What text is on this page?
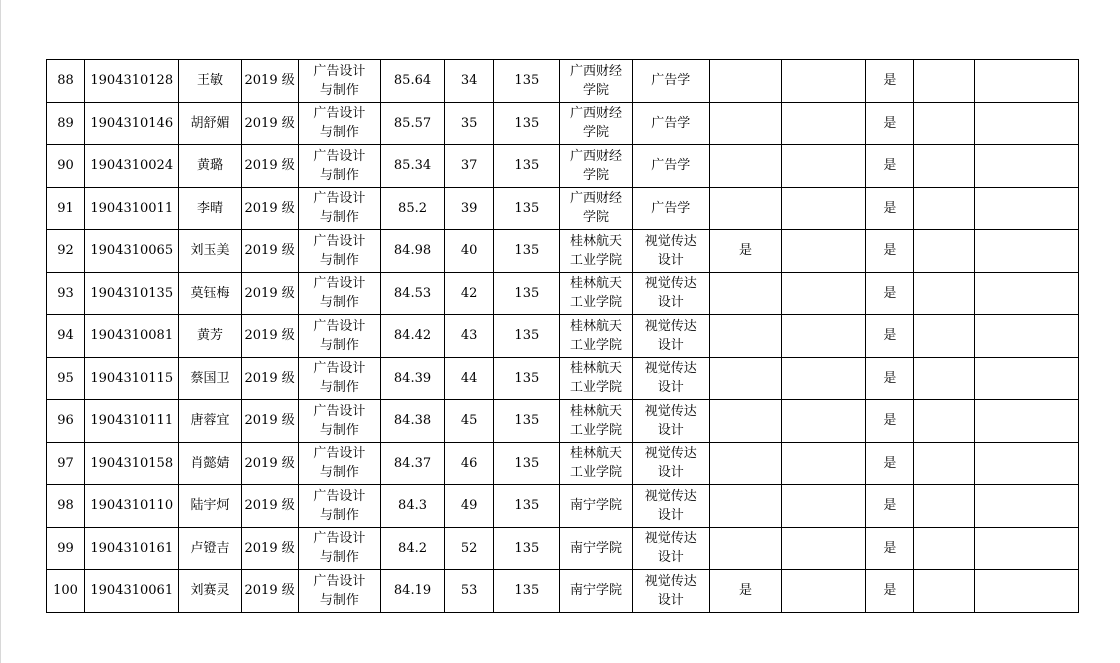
88	1904310128	王敏	2019 级	广告设计
与制作	85.64	34	135	广西财经
学院	广告学			是		
89	1904310146	胡舒媚	2019 级	广告设计
与制作	85.57	35	135	广西财经
学院	广告学			是		
90	1904310024	黄璐	2019 级	广告设计
与制作	85.34	37	135	广西财经
学院	广告学			是		
91	1904310011	李晴	2019 级	广告设计
与制作	85.2	39	135	广西财经
学院	广告学			是		
92	1904310065	刘玉美	2019 级	广告设计
与制作	84.98	40	135	桂林航天
工业学院	视觉传达
设计	是		是		
93	1904310135	莫钰梅	2019 级	广告设计
与制作	84.53	42	135	桂林航天
工业学院	视觉传达
设计			是		
94	1904310081	黄芳	2019 级	广告设计
与制作	84.42	43	135	桂林航天
工业学院	视觉传达
设计			是		
95	1904310115	蔡国卫	2019 级	广告设计
与制作	84.39	44	135	桂林航天
工业学院	视觉传达
设计			是		
96	1904310111	唐蓉宜	2019 级	广告设计
与制作	84.38	45	135	桂林航天
工业学院	视觉传达
设计			是		
97	1904310158	肖懿婧	2019 级	广告设计
与制作	84.37	46	135	桂林航天
工业学院	视觉传达
设计			是		
98	1904310110	陆宇炣	2019 级	广告设计
与制作	84.3	49	135	南宁学院	视觉传达
设计			是		
99	1904310161	卢镫吉	2019 级	广告设计
与制作	84.2	52	135	南宁学院	视觉传达
设计			是		
100	1904310061	刘赛灵	2019 级	广告设计
与制作	84.19	53	135	南宁学院	视觉传达
设计	是		是		
